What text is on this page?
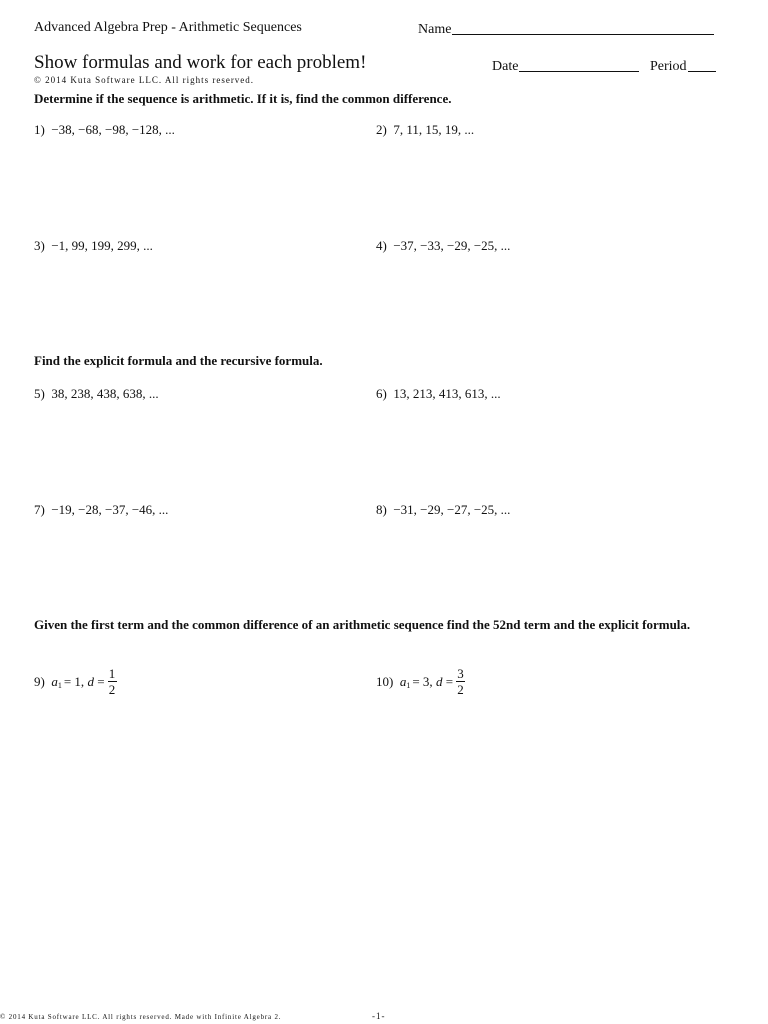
Advanced Algebra Prep - Arithmetic Sequences	Name
Show formulas and work for each problem!	Date	Period
© 2014 Kuta Software LLC. All rights reserved.
Determine if the sequence is arithmetic. If it is, find the common difference.
1) −38, −68, −98, −128, ...	2) 7, 11, 15, 19, ...
3) −1, 99, 199, 299, ...	4) −37, −33, −29, −25, ...
Find the explicit formula and the recursive formula.
5) 38, 238, 438, 638, ...	6) 13, 213, 413, 613, ...
7) −19, −28, −37, −46, ...	8) −31, −29, −27, −25, ...
Given the first term and the common difference of an arithmetic sequence find the 52nd term and the explicit formula.
9)
a 1 = 1,
d
= $\frac{1}{2}$	10)
a 1 = 3,
d
= $\frac{3}{2}$
© 2014 Kuta Software LLC. All rights reserved. Made with Infinite Algebra 2.	-1-
